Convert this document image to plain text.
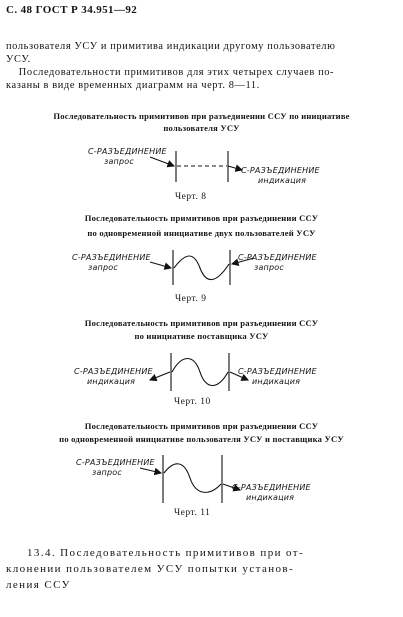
С. 48 ГОСТ Р 34.951—92
пользователя УСУ и примитива индикации другому пользователю
УСУ.
Последовательности примитивов для этих четырех случаев по-
казаны в виде временных диаграмм на черт. 8—11.
Последовательность примитивов при разъединении ССУ по инициативе
пользователя УСУ
С-РАЗЪЕДИНЕНИЕ
запрос
С-РАЗЪЕДИНЕНИЕ
индикация
Черт. 8
Последовательность примитивов при разъединении ССУ
по одновременной инициативе двух пользователей УСУ
С-РАЗЪЕДИНЕНИЕ
запрос
С-РАЗЪЕДИНЕНИЕ
запрос
Черт. 9
Последовательность примитивов при разъединении ССУ
по инициативе поставщика УСУ
С-РАЗЪЕДИНЕНИЕ
индикация
С-РАЗЪЕДИНЕНИЕ
индикация
Черт. 10
Последовательность примитивов при разъединении ССУ
по одновременной инициативе пользователя УСУ и поставщика УСУ
С-РАЗЪЕДИНЕНИЕ
запрос
С-РАЗЪЕДИНЕНИЕ
индикация
Черт. 11
13.4. Последовательность примитивов при от-
клонении пользователем УСУ попытки установ-
ления ССУ
